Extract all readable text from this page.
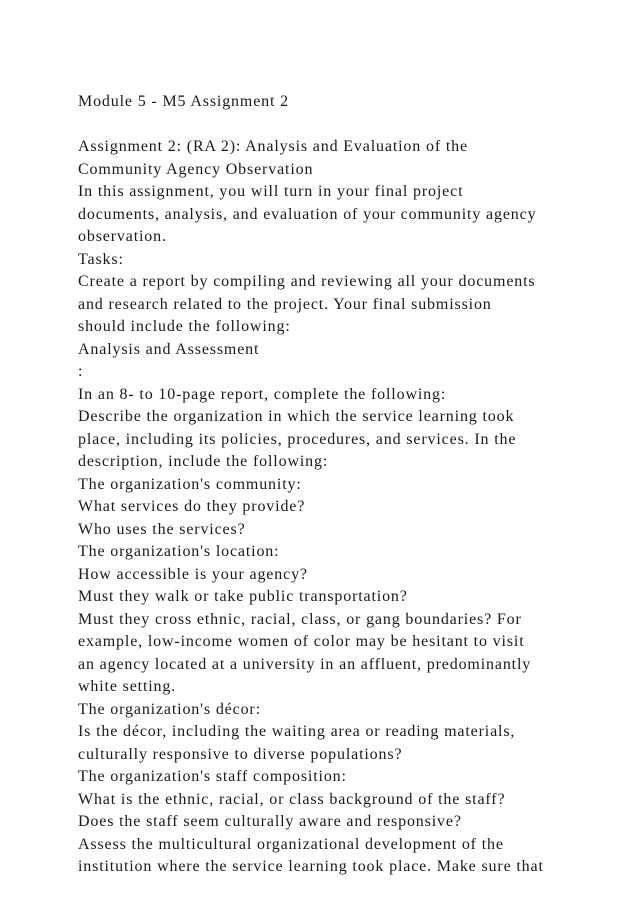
Module 5 - M5 Assignment 2
Assignment 2: (RA 2): Analysis and Evaluation of the
Community Agency Observation
In this assignment, you will turn in your final project
documents, analysis, and evaluation of your community agency
observation.
Tasks:
Create a report by compiling and reviewing all your documents
and research related to the project. Your final submission
should include the following:
Analysis and Assessment
:
In an 8- to 10-page report, complete the following:
Describe the organization in which the service learning took
place, including its policies, procedures, and services. In the
description, include the following:
The organization's community:
What services do they provide?
Who uses the services?
The organization's location:
How accessible is your agency?
Must they walk or take public transportation?
Must they cross ethnic, racial, class, or gang boundaries? For
example, low-income women of color may be hesitant to visit
an agency located at a university in an affluent, predominantly
white setting.
The organization's décor:
Is the décor, including the waiting area or reading materials,
culturally responsive to diverse populations?
The organization's staff composition:
What is the ethnic, racial, or class background of the staff?
Does the staff seem culturally aware and responsive?
Assess the multicultural organizational development of the
institution where the service learning took place. Make sure that
